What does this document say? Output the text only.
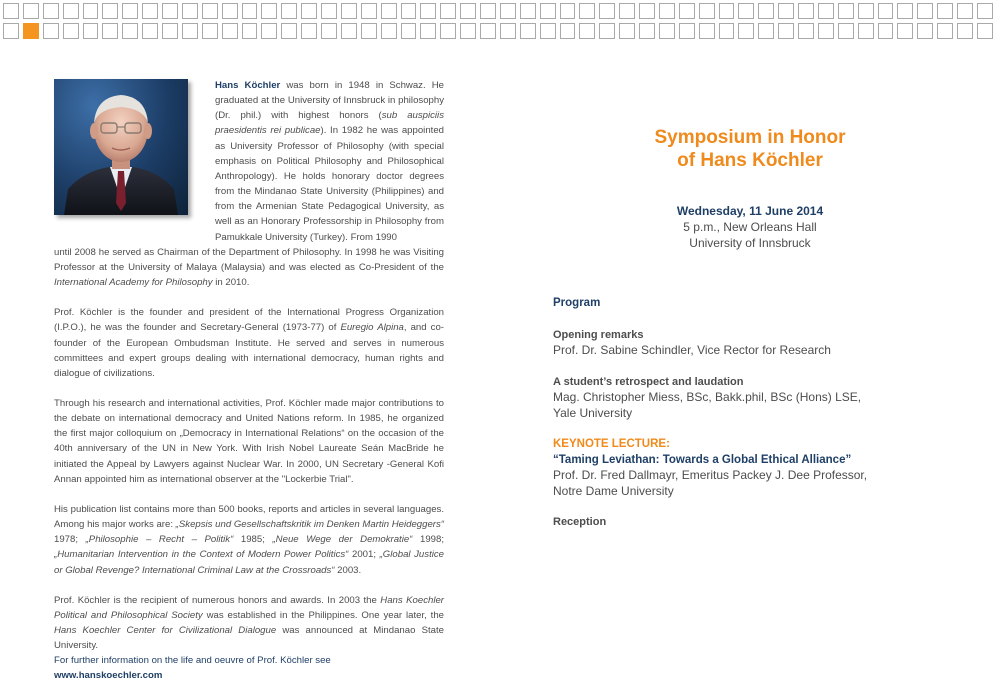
Hans Köchler was born in 1948 in Schwaz. He graduated at the University of Innsbruck in philosophy (Dr. phil.) with highest honors (sub auspiciis praesidentis rei publicae). In 1982 he was appointed as University Professor of Philosophy (with special emphasis on Political Philosophy and Philosophical Anthropology). He holds honorary doctor degrees from the Mindanao State University (Philippines) and from the Armenian State Pedagogical University, as well as an Honorary Professorship in Philosophy from Pamukkale University (Turkey). From 1990

until 2008 he served as Chairman of the Department of Philosophy. In 1998 he was Visiting Professor at the University of Malaya (Malaysia) and was elected as Co-President of the International Academy for Philosophy in 2010.

Prof. Köchler is the founder and president of the International Progress Organization (I.P.O.), he was the founder and Secretary-General (1973-77) of Euregio Alpina, and co-founder of the European Ombudsman Institute. He served and serves in numerous committees and expert groups dealing with international democracy, human rights and dialogue of civilizations.

Through his research and international activities, Prof. Köchler made major contributions to the debate on international democracy and United Nations reform. In 1985, he organized the first major colloquium on „Democracy in International Relations“ on the occasion of the 40th anniversary of the UN in New York. With Irish Nobel Laureate Seán MacBride he initiated the Appeal by Lawyers against Nuclear War. In 2000, UN Secretary -General Kofi Annan appointed him as international observer at the "Lockerbie Trial".

His publication list contains more than 500 books, reports and articles in several languages. Among his major works are: „Skepsis und Gesellschaftskritik im Denken Martin Heideggers“ 1978; „Philosophie – Recht – Politik“ 1985; „Neue Wege der Demokratie“ 1998; „Humanitarian Intervention in the Context of Modern Power Politics“ 2001; „Global Justice or Global Revenge? International Criminal Law at the Crossroads“ 2003.

Prof. Köchler is the recipient of numerous honors and awards. In 2003 the Hans Koechler Political and Philosophical Society was established in the Philippines. One year later, the Hans Koechler Center for Civilizational Dialogue was announced at Mindanao State University.

For further information on the life and oeuvre of Prof. Köchler see

www.hanskoechler.com

Symposium in Honor
of Hans Köchler
Wednesday, 11 June 2014
5 p.m., New Orleans Hall
University of Innsbruck
Program
Opening remarks
Prof. Dr. Sabine Schindler, Vice Rector for Research
A student’s retrospect and laudation
Mag. Christopher Miess, BSc, Bakk.phil, BSc (Hons) LSE,
Yale University
KEYNOTE LECTURE:
“Taming Leviathan: Towards a Global Ethical Alliance”
Prof. Dr. Fred Dallmayr, Emeritus Packey J. Dee Professor,
Notre Dame University
Reception
